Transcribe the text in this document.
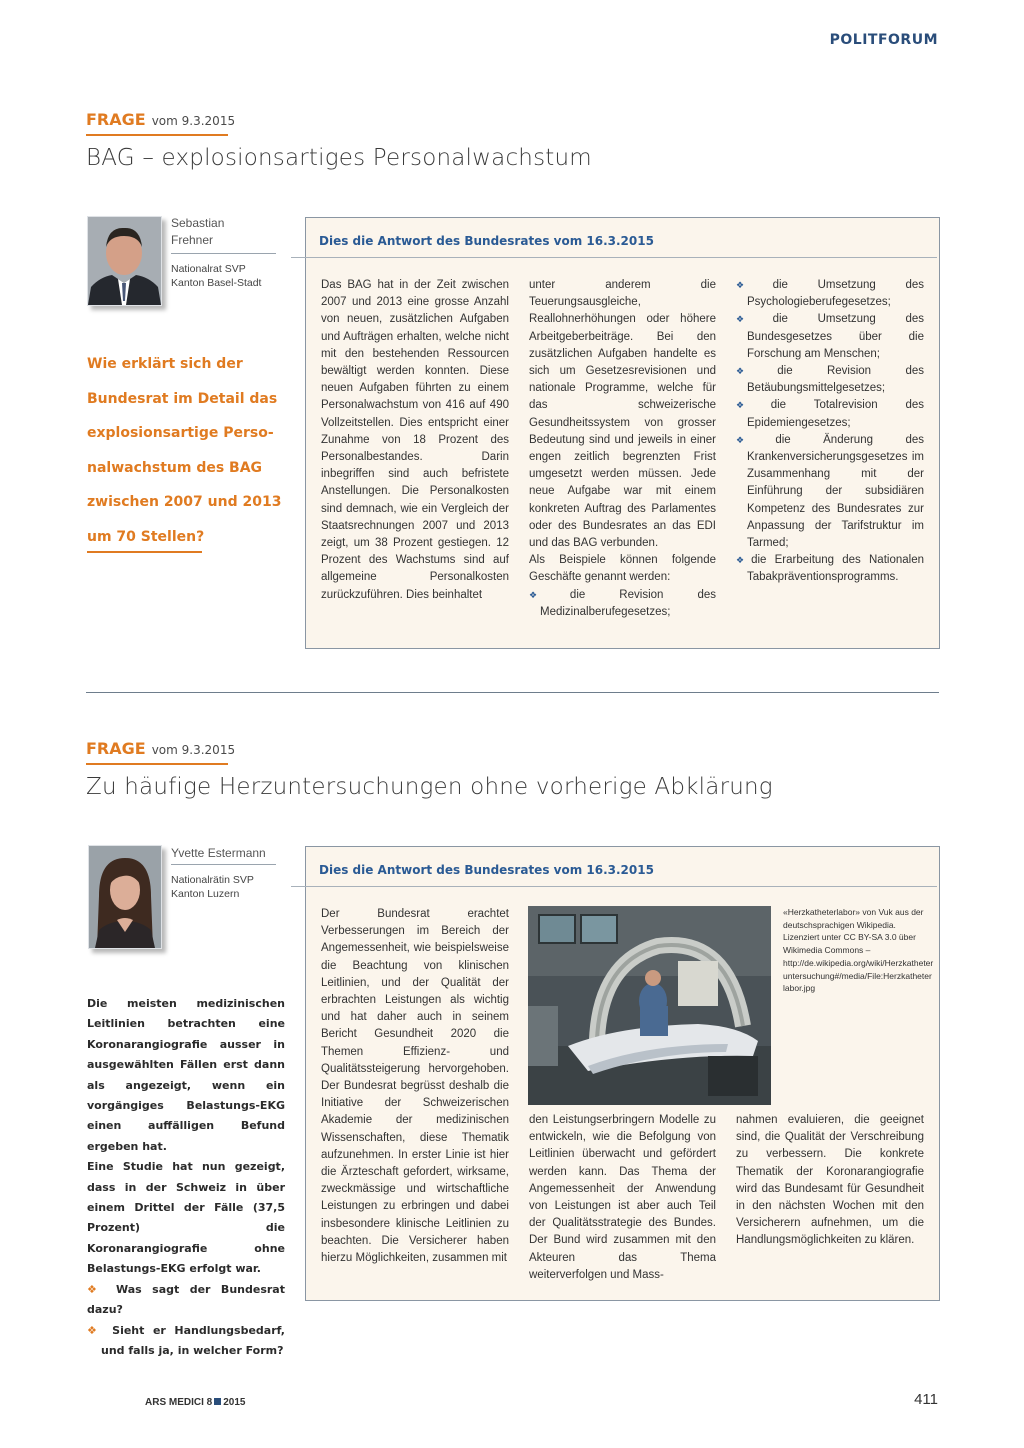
POLITFORUM
FRAGE vom 9.3.2015
BAG – explosionsartiges Personalwachstum
Sebastian
Frehner
Nationalrat SVP
Kanton Basel-Stadt
Wie erklärt sich der
Bundesrat im Detail das
explosionsartige Perso-
nalwachstum des BAG
zwischen 2007 und 2013
um 70 Stellen?
Dies die Antwort des Bundesrates vom 16.3.2015

Das BAG hat in der Zeit zwischen 2007 und 2013 eine grosse Anzahl von neuen, zusätzlichen Aufgaben und Aufträgen erhalten, welche nicht mit den bestehenden Ressourcen bewältigt werden konnten. Diese neuen Aufgaben führten zu einem Personalwachstum von 416 auf 490 Vollzeitstellen. Dies entspricht einer Zunahme von 18 Prozent des Personalbestandes. Darin inbegriffen sind auch befristete Anstellungen. Die Personalkosten sind demnach, wie ein Vergleich der Staatsrechnungen 2007 und 2013 zeigt, um 38 Prozent gestiegen. 12 Prozent des Wachstums sind auf allgemeine Personalkosten zurückzuführen. Dies beinhaltet

unter anderem die Teuerungsausgleiche, Reallohnerhöhungen oder höhere Arbeitgeberbeiträge. Bei den zusätzlichen Aufgaben handelte es sich um Gesetzesrevisionen und nationale Programme, welche für das schweizerische Gesundheitssystem von grosser Bedeutung sind und jeweils in einer engen zeitlich begrenzten Frist umgesetzt werden müssen. Jede neue Aufgabe war mit einem konkreten Auftrag des Parlamentes oder des Bundesrates an das EDI und das BAG verbunden.

Als Beispiele können folgende Geschäfte genannt werden:

❖ die Revision des Medizinalberufegesetzes;

❖ die Umsetzung des Psychologieberufegesetzes;

❖ die Umsetzung des Bundesgesetzes über die Forschung am Menschen;

❖ die Revision des Betäubungsmittelgesetzes;

❖ die Totalrevision des Epidemiengesetzes;

❖ die Änderung des Krankenversicherungsgesetzes im Zusammenhang mit der Einführung der subsidiären Kompetenz des Bundesrates zur Anpassung der Tarifstruktur im Tarmed;

❖ die Erarbeitung des Nationalen Tabakpräventionsprogramms.

FRAGE vom 9.3.2015
Zu häufige Herzuntersuchungen ohne vorherige Abklärung
Yvette Estermann
Nationalrätin SVP
Kanton Luzern

Die meisten medizinischen Leitlinien betrachten eine Koronarangiografie ausser in ausgewählten Fällen erst dann als angezeigt, wenn ein vorgängiges Belastungs-EKG einen auffälligen Befund ergeben hat.

Eine Studie hat nun gezeigt, dass in der Schweiz in über einem Drittel der Fälle (37,5 Prozent) die Koronarangiografie ohne Belastungs-EKG erfolgt war.

❖ Was sagt der Bundesrat dazu?

❖ Sieht er Handlungsbedarf, und falls ja, in welcher Form?

Dies die Antwort des Bundesrates vom 16.3.2015

Der Bundesrat erachtet Verbesserungen im Bereich der Angemessenheit, wie beispielsweise die Beachtung von klinischen Leitlinien, und der Qualität der erbrachten Leistungen als wichtig und hat daher auch in seinem Bericht Gesundheit 2020 die Themen Effizienz- und Qualitätssteigerung hervorgehoben. Der Bundesrat begrüsst deshalb die Initiative der Schweizerischen Akademie der medizinischen Wissenschaften, diese Thematik aufzunehmen. In erster Linie ist hier die Ärzteschaft gefordert, wirksame, zweckmässige und wirtschaftliche Leistungen zu erbringen und dabei insbesondere klinische Leitlinien zu beachten. Die Versicherer haben hierzu Möglichkeiten, zusammen mit

«Herzkatheterlabor» von Vuk aus der
deutschsprachigen Wikipedia.
Lizenziert unter CC BY-SA 3.0 über
Wikimedia Commons –
http://de.wikipedia.org/wiki/Herzkatheter
untersuchung#/media/File:Herzkatheter
labor.jpg

den Leistungserbringern Modelle zu entwickeln, wie die Befolgung von Leitlinien überwacht und gefördert werden kann. Das Thema der Angemessenheit der Anwendung von Leistungen ist aber auch Teil der Qualitätsstrategie des Bundes. Der Bund wird zusammen mit den Akteuren das Thema weiterverfolgen und Mass-

nahmen evaluieren, die geeignet sind, die Qualität der Verschreibung zu verbessern. Die konkrete Thematik der Koronarangiografie wird das Bundesamt für Gesundheit in den nächsten Wochen mit den Versicherern aufnehmen, um die Handlungsmöglichkeiten zu klären.

ARS MEDICI 8 2015	411
